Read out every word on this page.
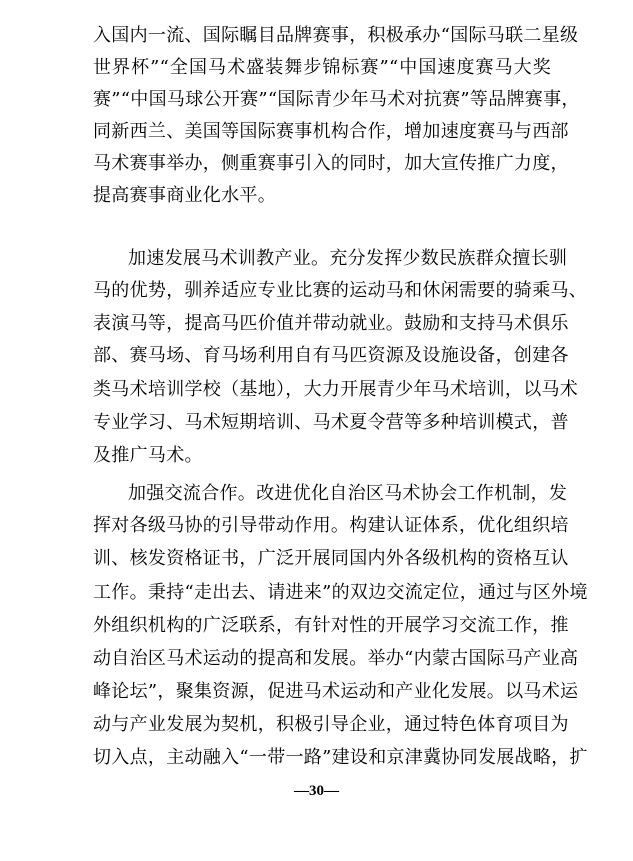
入国内一流、国际瞩目品牌赛事，积极承办“国际马联二星级

世界杯”“全国马术盛装舞步锦标赛”“中国速度赛马大奖

赛”“中国马球公开赛”“国际青少年马术对抗赛”等品牌赛事，

同新西兰、美国等国际赛事机构合作，增加速度赛马与西部

马术赛事举办，侧重赛事引入的同时，加大宣传推广力度，

提高赛事商业化水平。

加速发展马术训教产业。充分发挥少数民族群众擅长驯

马的优势，驯养适应专业比赛的运动马和休闲需要的骑乘马、

表演马等，提高马匹价值并带动就业。鼓励和支持马术俱乐

部、赛马场、育马场利用自有马匹资源及设施设备，创建各

类马术培训学校（基地），大力开展青少年马术培训，以马术

专业学习、马术短期培训、马术夏令营等多种培训模式，普

及推广马术。

加强交流合作。改进优化自治区马术协会工作机制，发

挥对各级马协的引导带动作用。构建认证体系，优化组织培

训、核发资格证书，广泛开展同国内外各级机构的资格互认

工作。秉持“走出去、请进来”的双边交流定位，通过与区外境

外组织机构的广泛联系，有针对性的开展学习交流工作，推

动自治区马术运动的提高和发展。举办“内蒙古国际马产业高

峰论坛”，聚集资源，促进马术运动和产业化发展。以马术运

动与产业发展为契机，积极引导企业，通过特色体育项目为

切入点，主动融入“一带一路”建设和京津冀协同发展战略，扩

—30—
